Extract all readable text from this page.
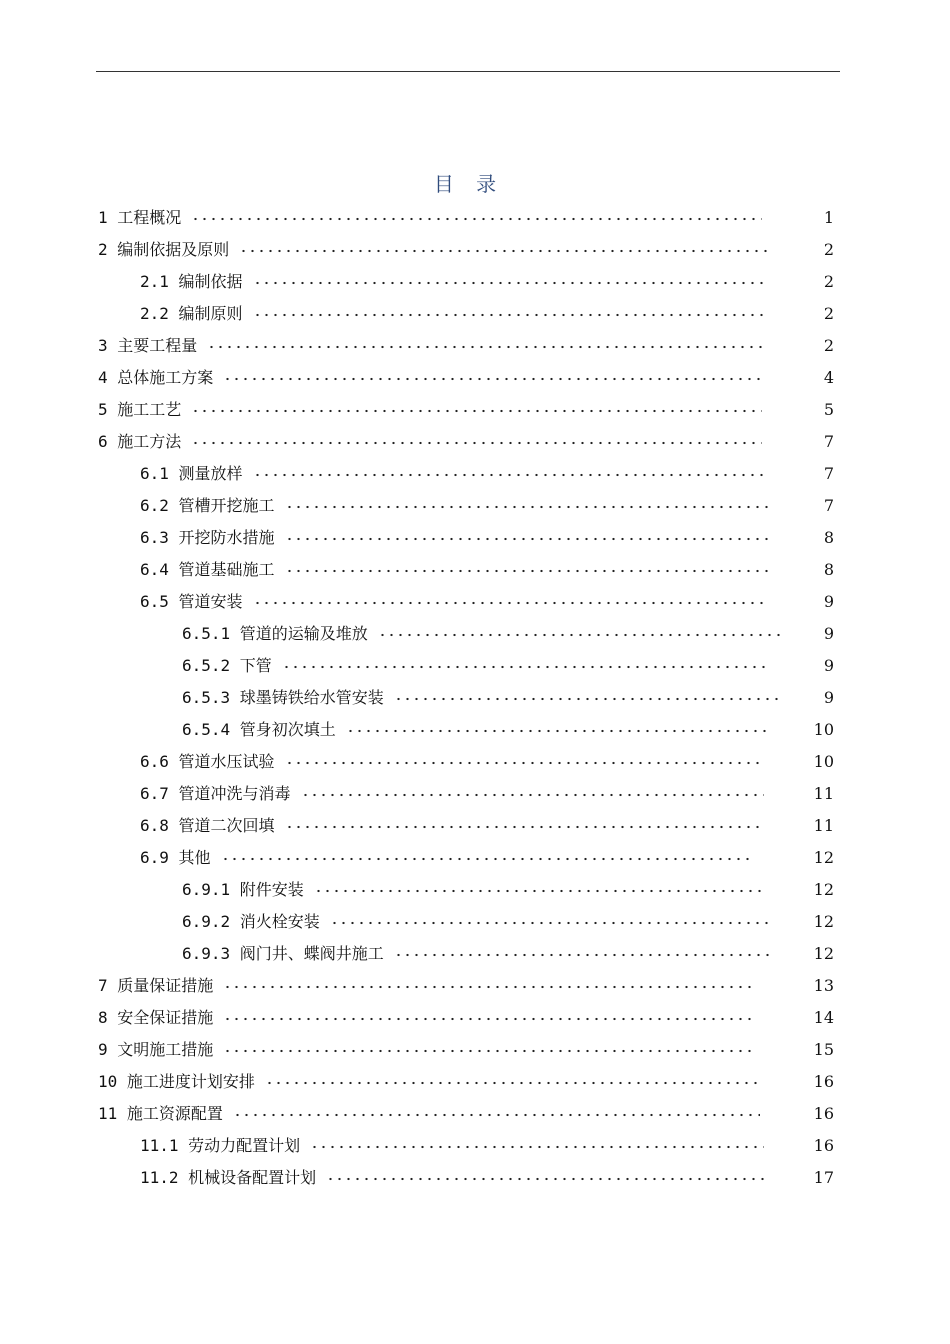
目 录
1 工程概况	1
2 编制依据及原则	2
2.1 编制依据	2
2.2 编制原则	2
3 主要工程量	2
4 总体施工方案	4
5 施工工艺	5
6 施工方法	7
6.1 测量放样	7
6.2 管槽开挖施工	7
6.3 开挖防水措施	8
6.4 管道基础施工	8
6.5 管道安装	9
6.5.1 管道的运输及堆放	9
6.5.2 下管	9
6.5.3 球墨铸铁给水管安装	9
6.5.4 管身初次填土	10
6.6 管道水压试验	10
6.7 管道冲洗与消毒	11
6.8 管道二次回填	11
6.9 其他	12
6.9.1 附件安装	12
6.9.2 消火栓安装	12
6.9.3 阀门井、蝶阀井施工	12
7 质量保证措施	13
8 安全保证措施	14
9 文明施工措施	15
10 施工进度计划安排	16
11 施工资源配置	16
11.1 劳动力配置计划	16
11.2 机械设备配置计划	17
